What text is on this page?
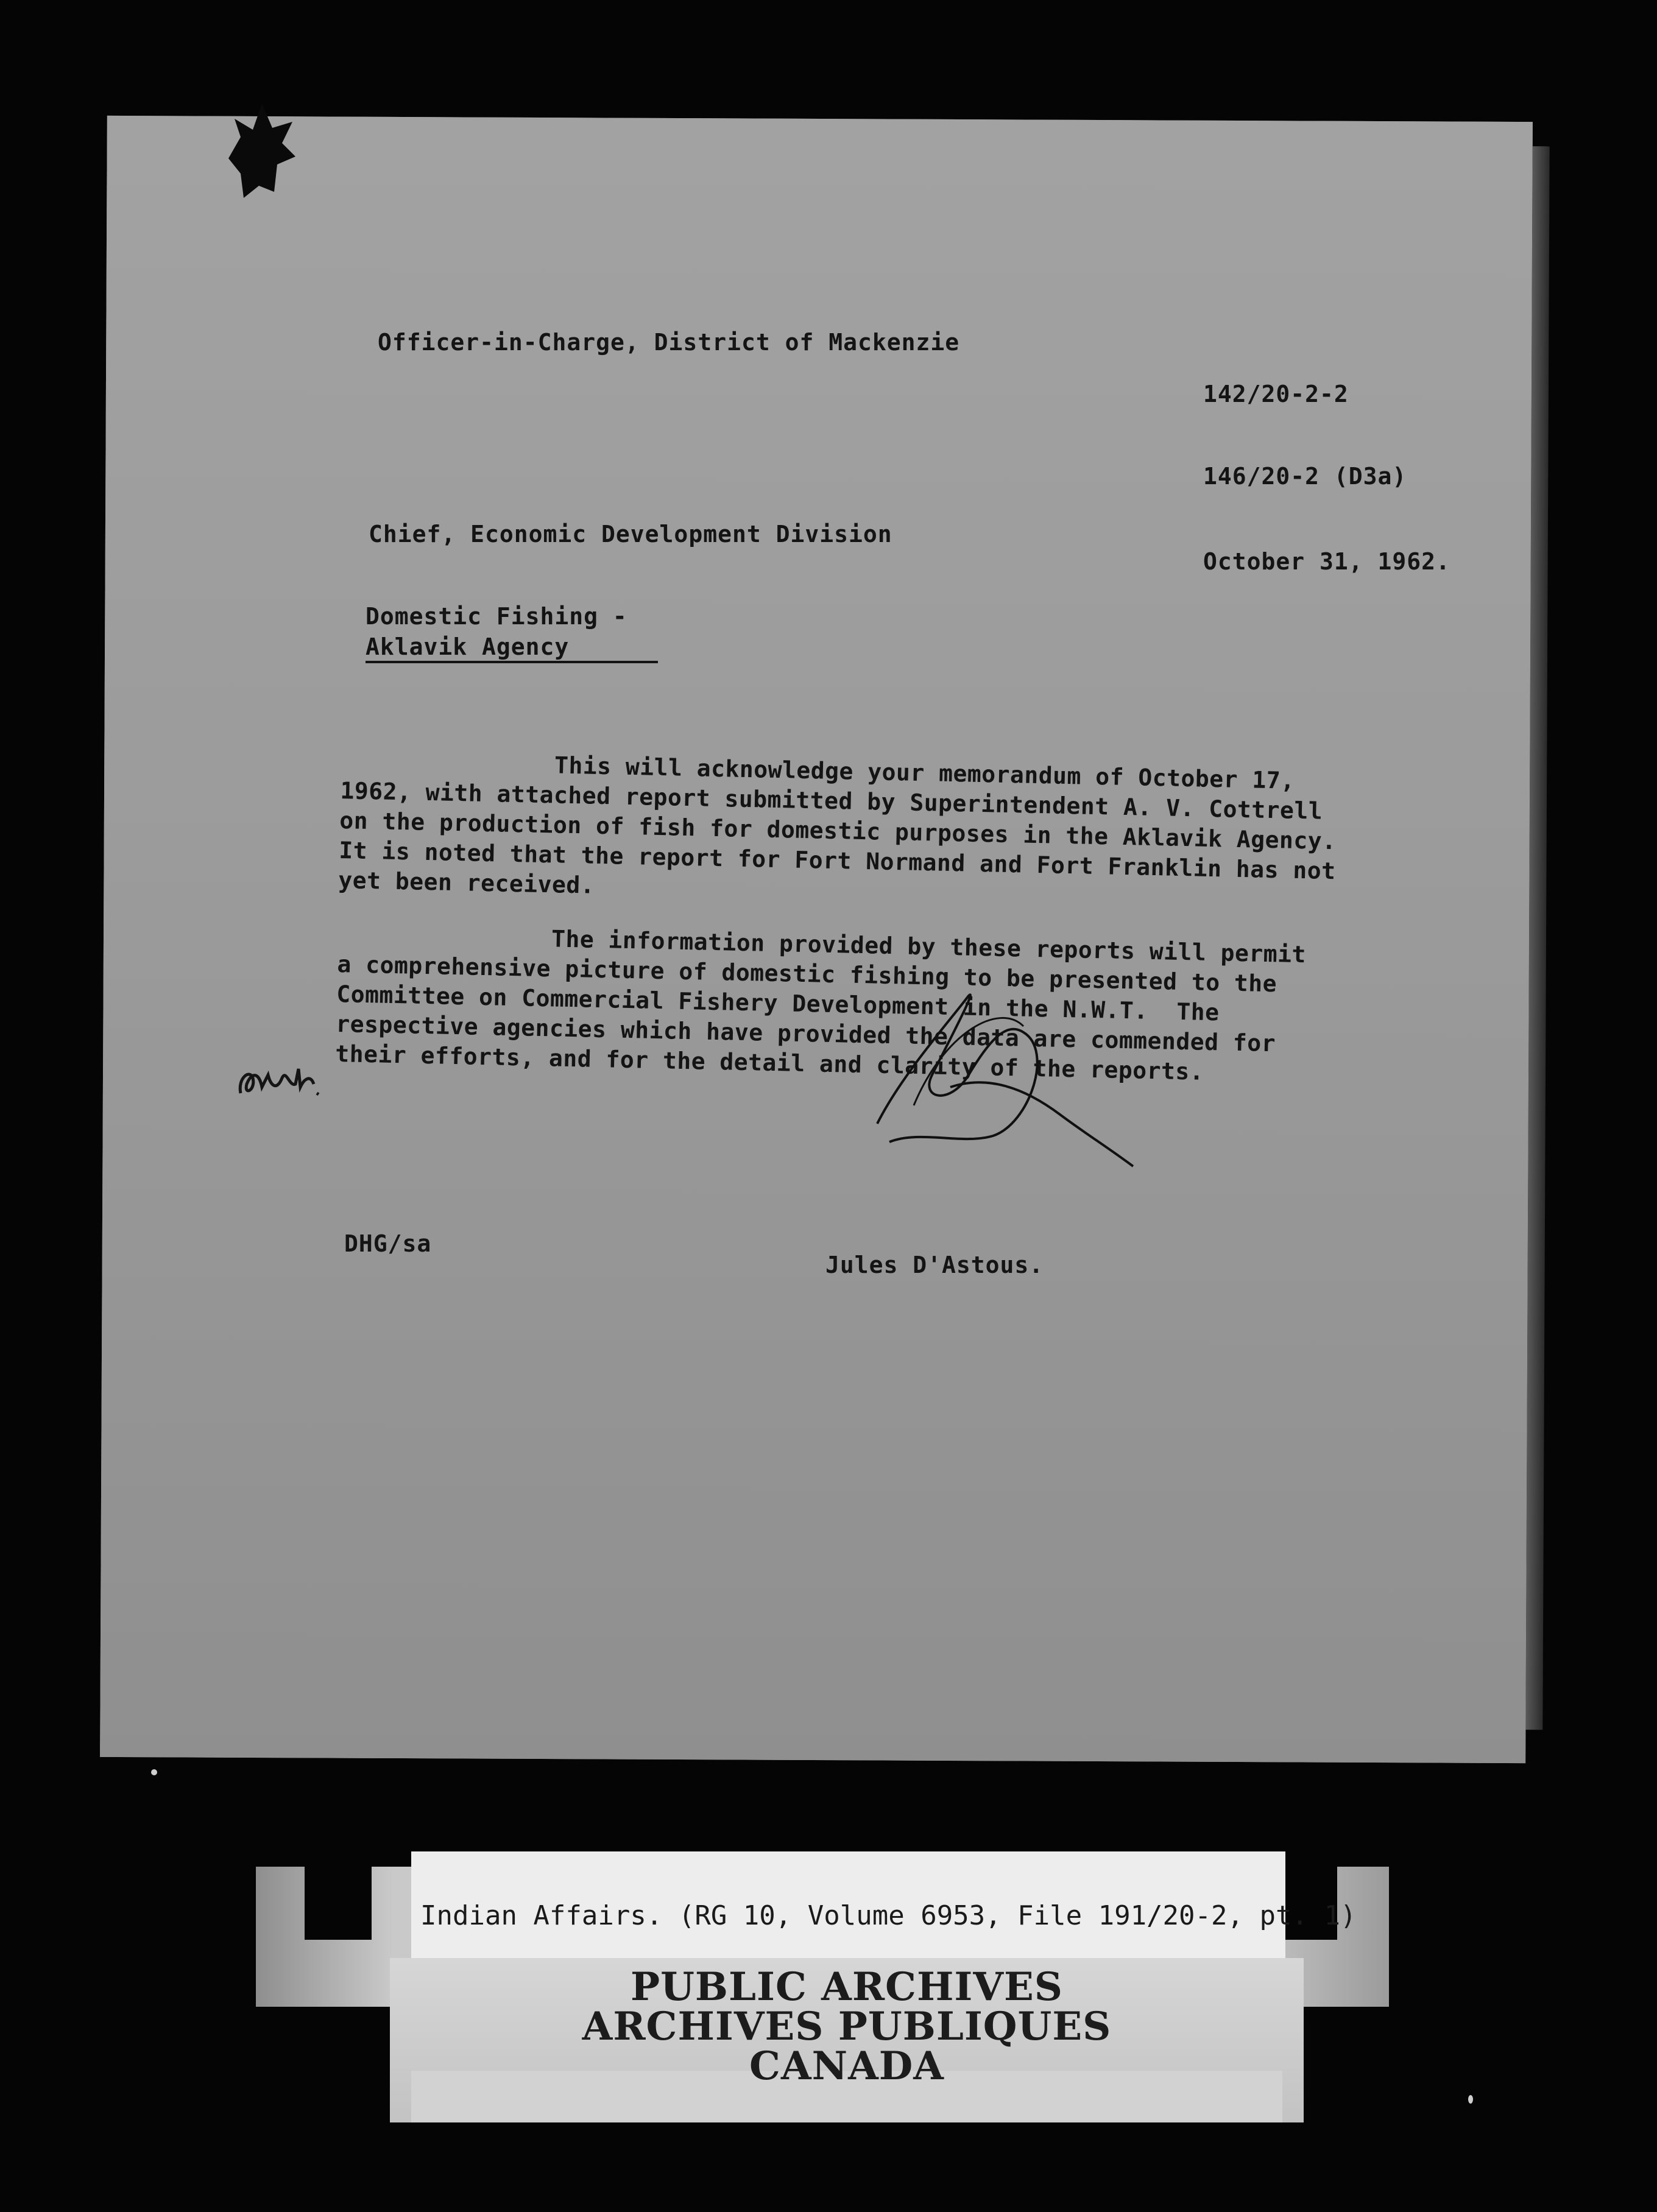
Officer-in-Charge, District of Mackenzie
142/20-2-2
146/20-2 (D3a)
Chief, Economic Development Division
October 31, 1962.
Domestic Fishing -
Aklavik Agency
This will acknowledge your memorandum of October 17,
1962, with attached report submitted by Superintendent A. V. Cottrell
on the production of fish for domestic purposes in the Aklavik Agency.
It is noted that the report for Fort Normand and Fort Franklin has not
yet been received.
The information provided by these reports will permit
a comprehensive picture of domestic fishing to be presented to the
Committee on Commercial Fishery Development in the N.W.T.  The
respective agencies which have provided the data are commended for
their efforts, and for the detail and clarity of the reports.
DHG/sa
Jules D'Astous.
Indian Affairs. (RG 10, Volume 6953, File 191/20-2, pt. 1)
PUBLIC ARCHIVES
ARCHIVES PUBLIQUES
CANADA
